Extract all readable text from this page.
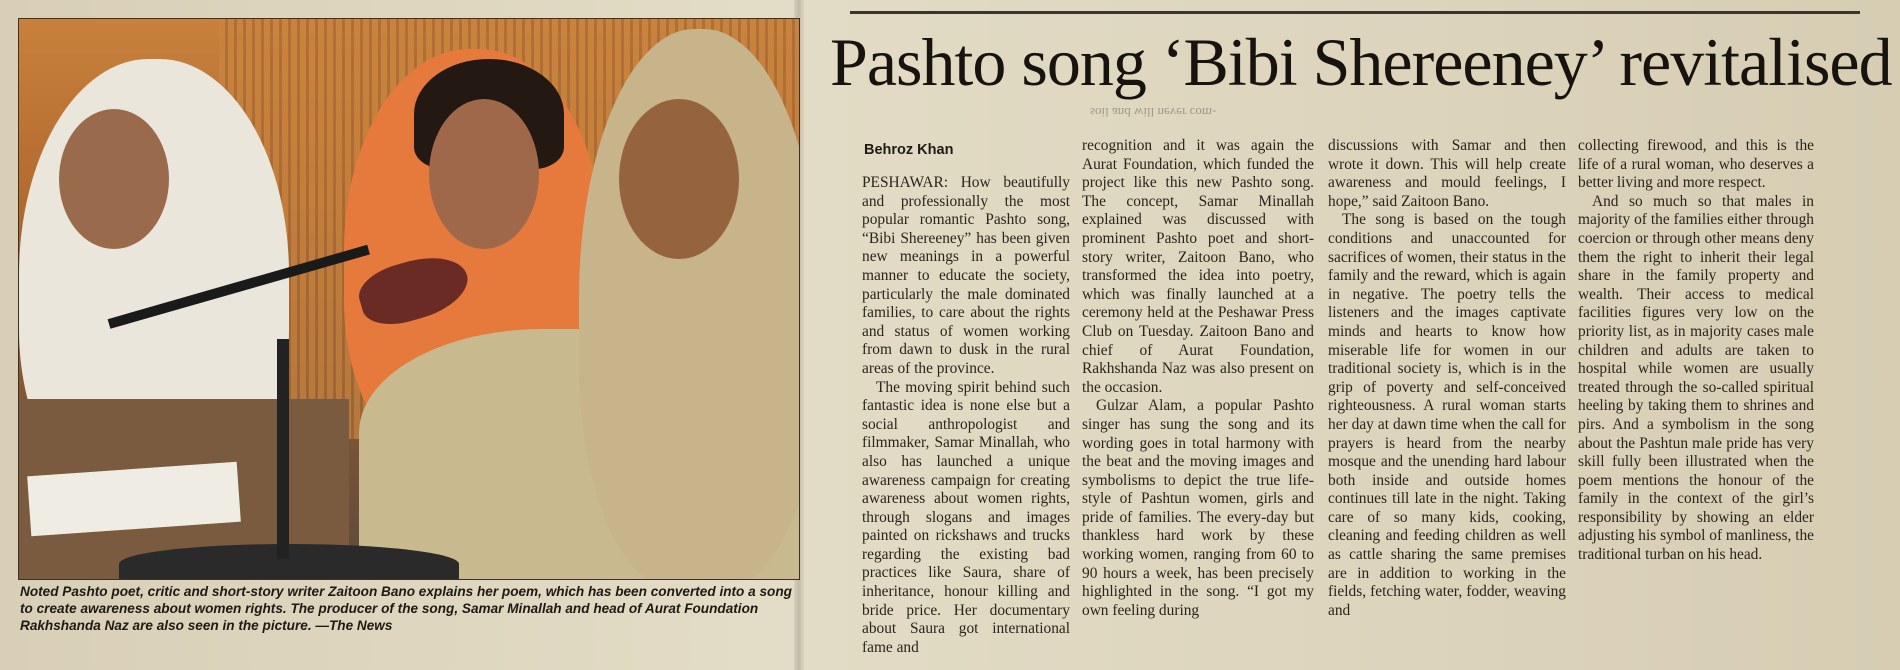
Noted Pashto poet, critic and short-story writer Zaitoon Bano explains her poem, which has been converted into a song to create awareness about women rights. The producer of the song, Samar Minallah and head of Aurat Foundation Rakhshanda Naz are also seen in the picture. —The News
Pashto song ‘Bibi Shereeney’ revitalised
soil and will never com-
Behroz Khan

PESHAWAR: How beautifully and professionally the most popular romantic Pashto song, “Bibi Shereeney” has been given new meanings in a powerful manner to educate the society, particularly the male dominated families, to care about the rights and status of women working from dawn to dusk in the rural areas of the province.

The moving spirit behind such fantastic idea is none else but a social anthropologist and filmmaker, Samar Minallah, who also has launched a unique awareness campaign for creating awareness about women rights, through slogans and images painted on rickshaws and trucks regarding the existing bad practices like Saura, share of inheritance, honour killing and bride price. Her documentary about Saura got international fame and

recognition and it was again the Aurat Foundation, which funded the project like this new Pashto song. The concept, Samar Minallah explained was discussed with prominent Pashto poet and short-story writer, Zaitoon Bano, who transformed the idea into poetry, which was finally launched at a ceremony held at the Peshawar Press Club on Tuesday. Zaitoon Bano and chief of Aurat Foundation, Rakhshanda Naz was also present on the occasion.

Gulzar Alam, a popular Pashto singer has sung the song and its wording goes in total harmony with the beat and the moving images and symbolisms to depict the true life-style of Pashtun women, girls and pride of families. The every-day but thankless hard work by these working women, ranging from 60 to 90 hours a week, has been precisely highlighted in the song. “I got my own feeling during

discussions with Samar and then wrote it down. This will help create awareness and mould feelings, I hope,” said Zaitoon Bano.

The song is based on the tough conditions and unaccounted for sacrifices of women, their status in the family and the reward, which is again in negative. The poetry tells the listeners and the images captivate minds and hearts to know how miserable life for women in our traditional society is, which is in the grip of poverty and self-conceived righteousness. A rural woman starts her day at dawn time when the call for prayers is heard from the nearby mosque and the unending hard labour both inside and outside homes continues till late in the night. Taking care of so many kids, cooking, cleaning and feeding children as well as cattle sharing the same premises are in addition to working in the fields, fetching water, fodder, weaving and

collecting firewood, and this is the life of a rural woman, who deserves a better living and more respect.

And so much so that males in majority of the families either through coercion or through other means deny them the right to inherit their legal share in the family property and wealth. Their access to medical facilities figures very low on the priority list, as in majority cases male children and adults are taken to hospital while women are usually treated through the so-called spiritual heeling by taking them to shrines and pirs. And a symbolism in the song about the Pashtun male pride has very skill fully been illustrated when the poem mentions the honour of the family in the context of the girl’s responsibility by showing an elder adjusting his symbol of manliness, the traditional turban on his head.
